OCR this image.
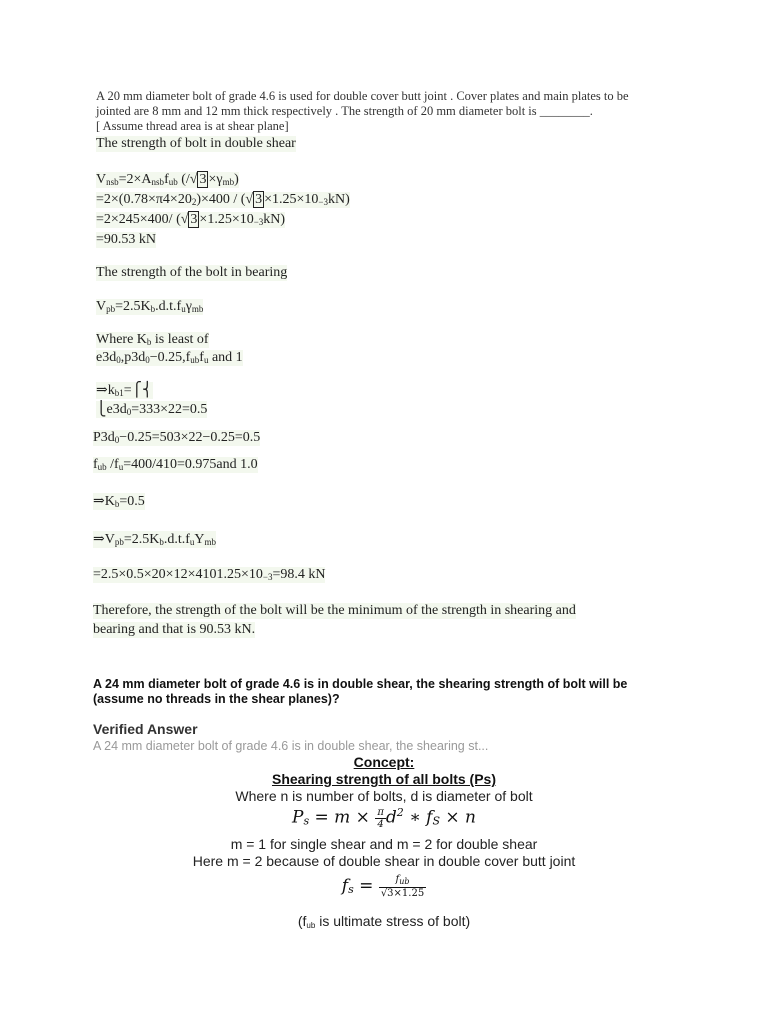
A 20 mm diameter bolt of grade 4.6 is used for double cover butt joint . Cover plates and main plates to be
jointed are 8 mm and 12 mm thick respectively . The strength of 20 mm diameter bolt is ________.
[ Assume thread area is at shear plane]
The strength of bolt in double shear
$V_{nsb}=2\times A_{nsb}f_{ub}$ (/√ $3 \times\gamma_{mb}$)
$=2\times(0.78\times\pi 4\times 20_2)\times 400$ / (√ $3 \times 1.25\times 10_{-3}kN$)
=2×245×400/ (√ $3 \times 1.25\times 10_{-3}kN$)
=90.53 kN
The strength of the bolt in bearing
$V_{pb}=2.5K_b.d.t.f_u\gamma_{mb}$
Where $K_b$ is least of
$e3d_0,p3d_0-0.25,f_{ub}f_u$ and 1
$\Rightarrow k_{b1}=⎧⎨$
$⎩e3d_0=333\times 22=0.5$
$P3d_0-0.25=503\times 22-0.25=0.5$
$f_{ub}$ $/f_u=400/410=0.975and$ 1.0
$\Rightarrow K_b=0.5$
$\Rightarrow V_{pb}=2.5K_b.d.t.f_uY_{mb}$
$=2.5\times 0.5\times 20\times 12\times 4101.25\times 10_{-3}=98.4$ kN
Therefore, the strength of the bolt will be the minimum of the strength in shearing and
bearing and that is 90.53 kN.
A 24 mm diameter bolt of grade 4.6 is in double shear, the shearing strength of bolt will be
(assume no threads in the shear planes)?
Verified Answer
A 24 mm diameter bolt of grade 4.6 is in double shear, the shearing st...
Concept:
Shearing strength of all bolts (Ps)
Where n is number of bolts, d is diameter of bolt
$P_s = m \times \frac{\pi}{4} d^2$ ∗ $f_S \times n$
m = 1 for single shear and m = 2 for double shear
Here m = 2 because of double shear in double cover butt joint
$f_s = \frac{f_{ub}}{√3\times 1.25}$
($f_{ub}$ is ultimate stress of bolt)
